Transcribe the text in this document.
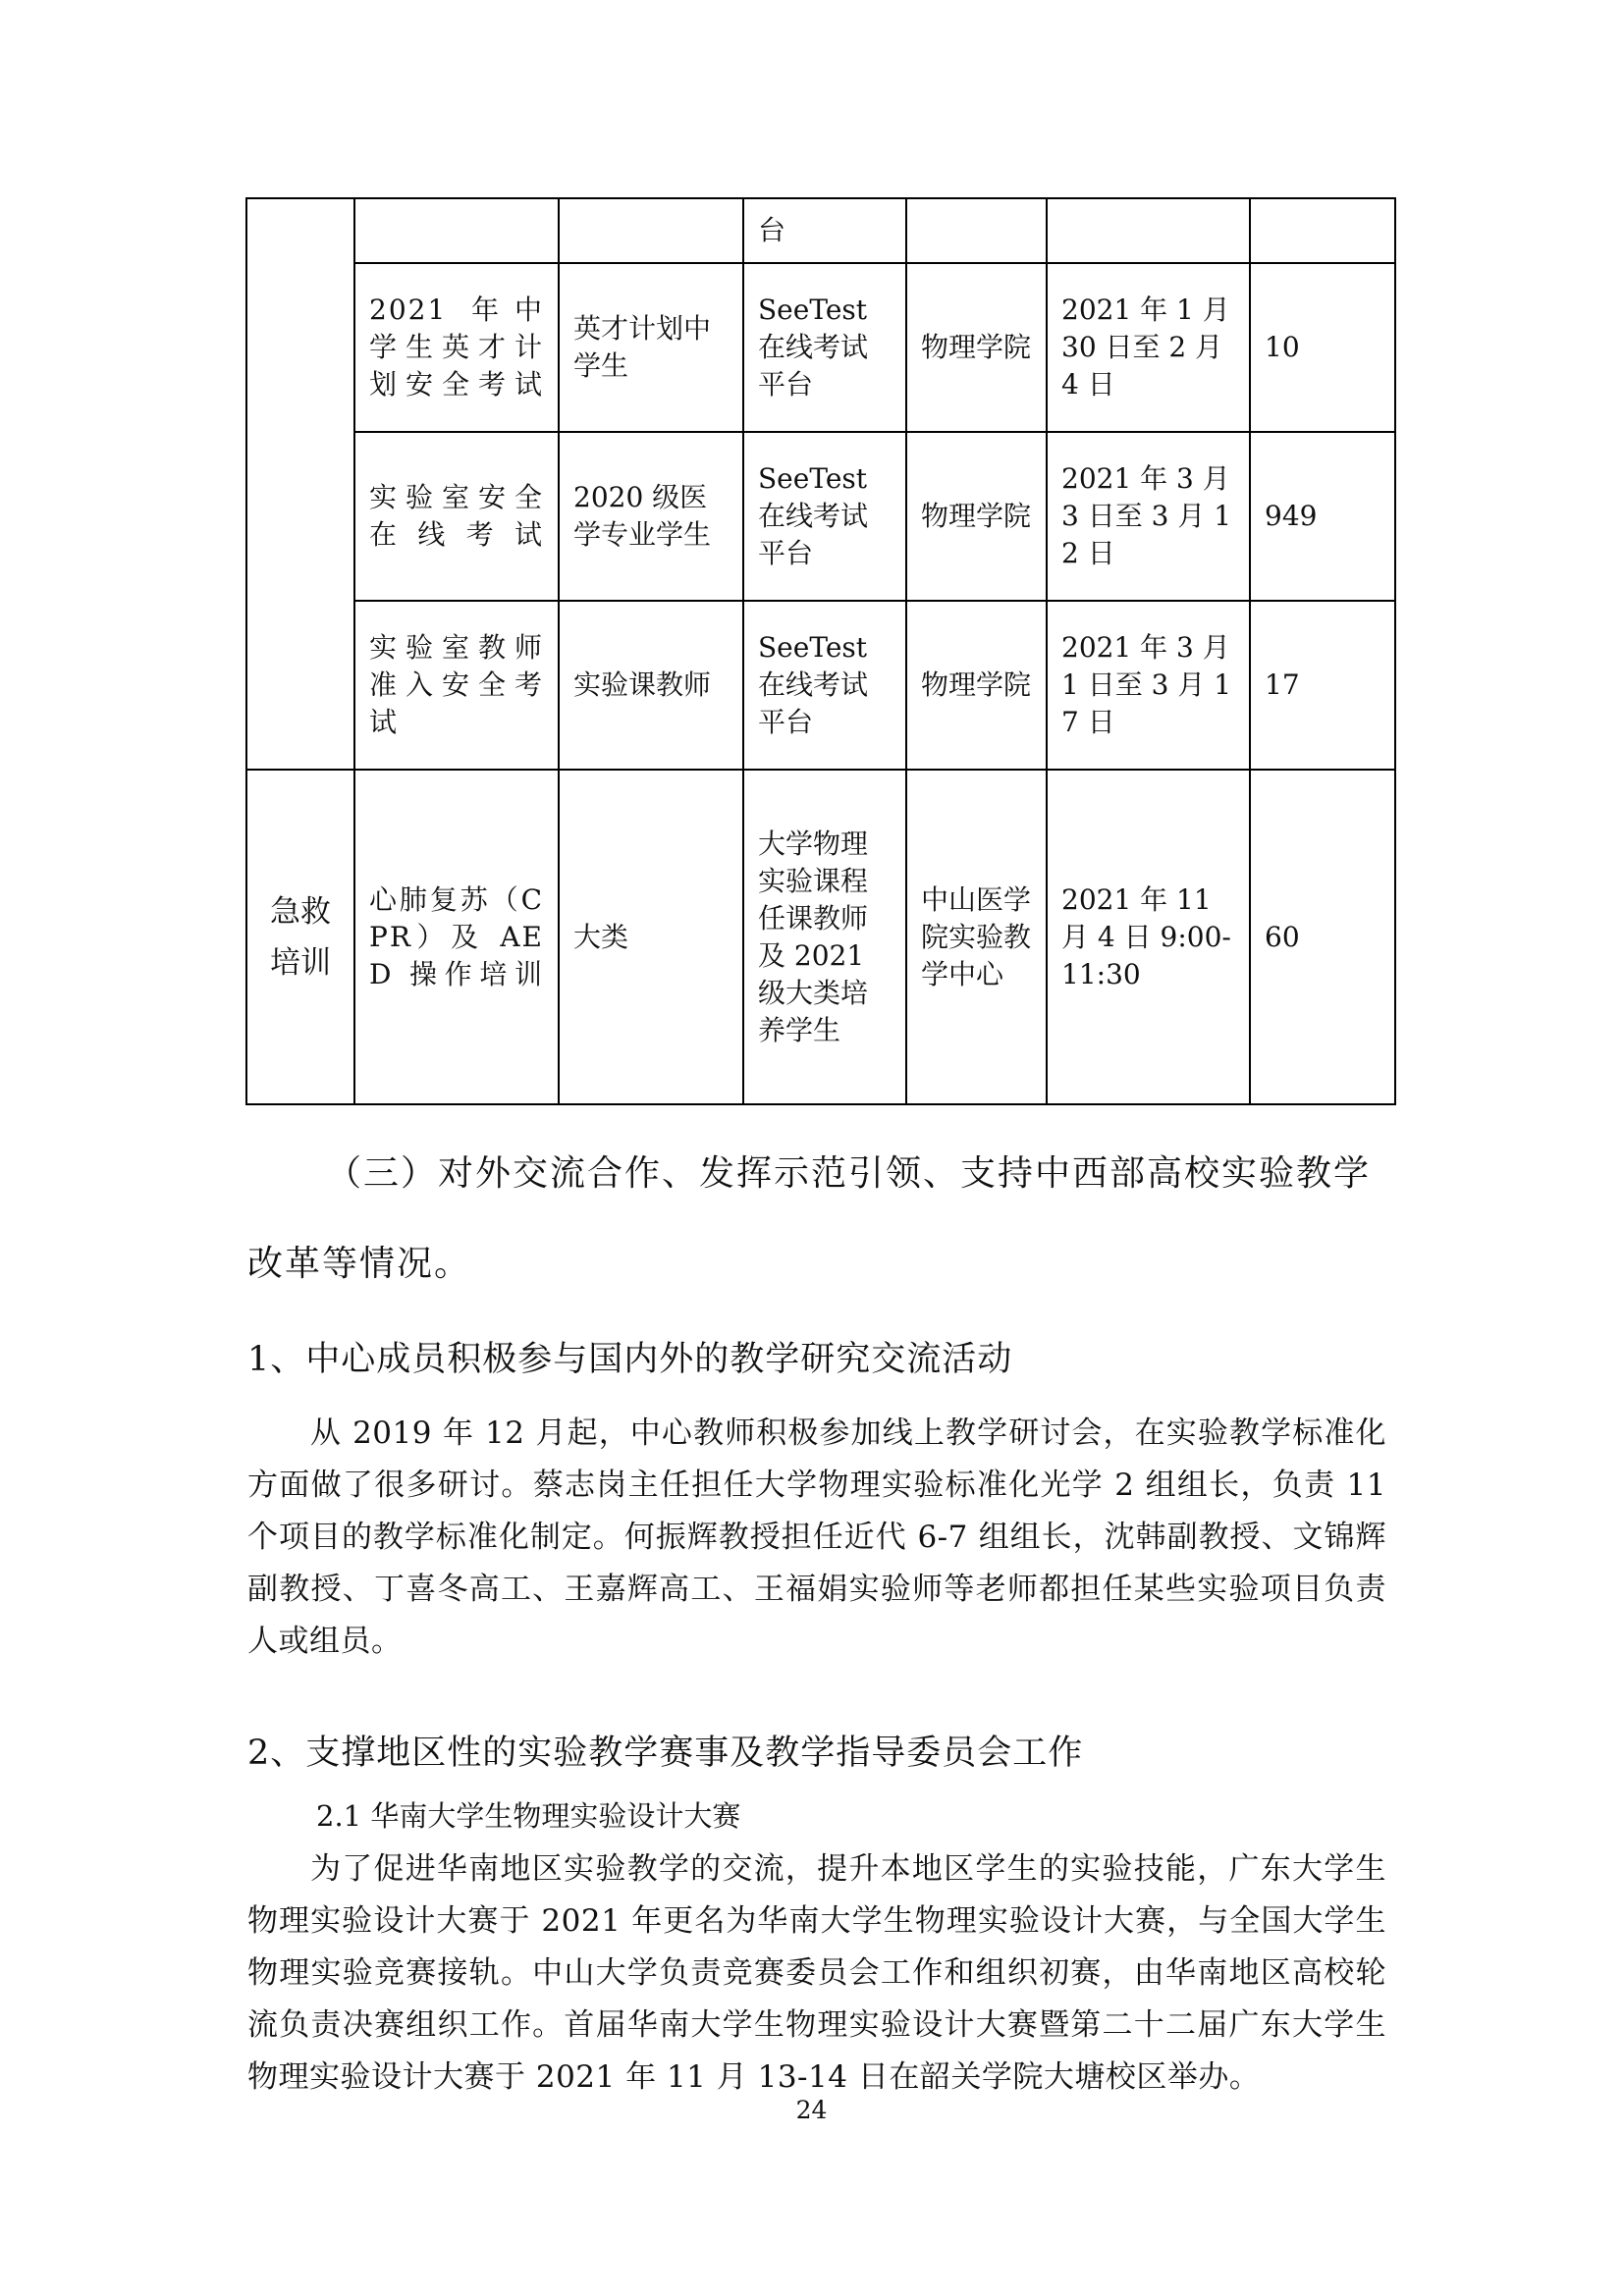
			台			
	2021 年中学生英才计划安全考试	英才计划中学生	SeeTest 在线考试平台	物理学院	2021 年 1 月 30 日至 2 月 4 日	10
	实验室安全在线考试	2020 级医学专业学生	SeeTest 在线考试平台	物理学院	2021 年 3 月 3 日至 3 月 12 日	949
	实验室教师准入安全考试	实验课教师	SeeTest 在线考试平台	物理学院	2021 年 3 月 1 日至 3 月 17 日	17
急救培训	心肺复苏（CPR）及 AED 操作培训	大类	大学物理实验课程任课教师及 2021 级大类培养学生	中山医学院实验教学中心	2021 年 11 月 4 日 9:00-11:30	60

（三）对外交流合作、发挥示范引领、支持中西部高校实验教学改革等情况。

1、中心成员积极参与国内外的教学研究交流活动

从 2019 年 12 月起，中心教师积极参加线上教学研讨会，在实验教学标准化方面做了很多研讨。蔡志岗主任担任大学物理实验标准化光学 2 组组长，负责 11 个项目的教学标准化制定。何振辉教授担任近代 6-7 组组长，沈韩副教授、文锦辉副教授、丁喜冬高工、王嘉辉高工、王福娟实验师等老师都担任某些实验项目负责人或组员。

2、支撑地区性的实验教学赛事及教学指导委员会工作
2.1 华南大学生物理实验设计大赛

为了促进华南地区实验教学的交流，提升本地区学生的实验技能，广东大学生物理实验设计大赛于 2021 年更名为华南大学生物理实验设计大赛，与全国大学生物理实验竞赛接轨。中山大学负责竞赛委员会工作和组织初赛，由华南地区高校轮流负责决赛组织工作。首届华南大学生物理实验设计大赛暨第二十二届广东大学生物理实验设计大赛于 2021 年 11 月 13-14 日在韶关学院大塘校区举办。

24
